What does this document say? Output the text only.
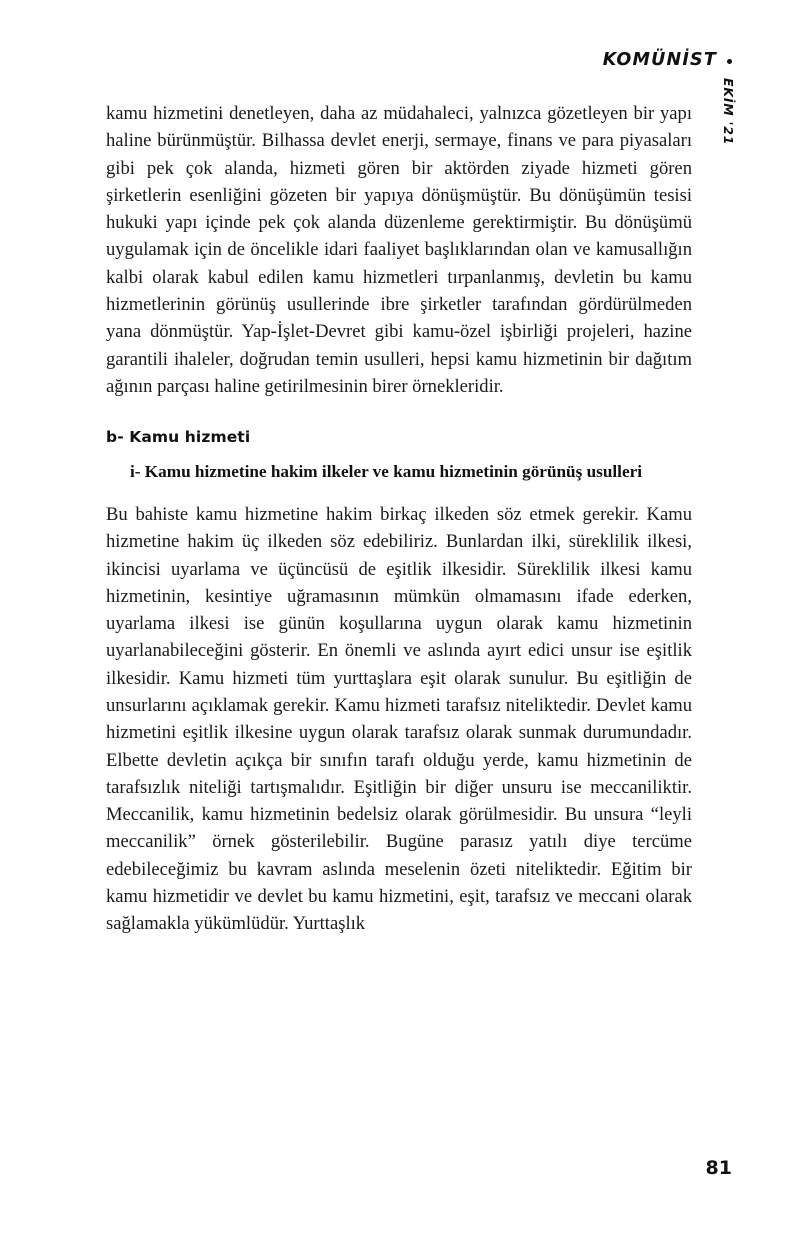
KOMÜNİST
EKİM '21

kamu hizmetini denetleyen, daha az müdahaleci, yalnızca gözetleyen bir yapı haline bürünmüştür. Bilhassa devlet enerji, sermaye, finans ve para piyasaları gibi pek çok alanda, hizmeti gören bir aktörden ziyade hizmeti gören şirketlerin esenliğini gözeten bir yapıya dönüşmüştür. Bu dönüşümün tesisi hukuki yapı içinde pek çok alanda düzenleme gerektirmiştir. Bu dönüşümü uygulamak için de öncelikle idari faaliyet başlıklarından olan ve kamusallığın kalbi olarak kabul edilen kamu hizmetleri tırpanlanmış, devletin bu kamu hizmetlerinin görünüş usullerinde ibre şirketler tarafından gördürülmeden yana dönmüştür. Yap-İşlet-Devret gibi kamu-özel işbirliği projeleri, hazine garantili ihaleler, doğrudan temin usulleri, hepsi kamu hizmetinin bir dağıtım ağının parçası haline getirilmesinin birer örnekleridir.

b- Kamu hizmeti
i- Kamu hizmetine hakim ilkeler ve kamu hizmetinin görünüş usulleri

Bu bahiste kamu hizmetine hakim birkaç ilkeden söz etmek gerekir. Kamu hizmetine hakim üç ilkeden söz edebiliriz. Bunlardan ilki, süreklilik ilkesi, ikincisi uyarlama ve üçüncüsü de eşitlik ilkesidir. Süreklilik ilkesi kamu hizmetinin, kesintiye uğramasının mümkün olmamasını ifade ederken, uyarlama ilkesi ise günün koşullarına uygun olarak kamu hizmetinin uyarlanabileceğini gösterir. En önemli ve aslında ayırt edici unsur ise eşitlik ilkesidir. Kamu hizmeti tüm yurttaşlara eşit olarak sunulur. Bu eşitliğin de unsurlarını açıklamak gerekir. Kamu hizmeti tarafsız niteliktedir. Devlet kamu hizmetini eşitlik ilkesine uygun olarak tarafsız olarak sunmak durumundadır. Elbette devletin açıkça bir sınıfın tarafı olduğu yerde, kamu hizmetinin de tarafsızlık niteliği tartışmalıdır. Eşitliğin bir diğer unsuru ise meccaniliktir. Meccanilik, kamu hizmetinin bedelsiz olarak görülmesidir. Bu unsura “leyli meccanilik” örnek gösterilebilir. Bugüne parasız yatılı diye tercüme edebileceğimiz bu kavram aslında meselenin özeti niteliktedir. Eğitim bir kamu hizmetidir ve devlet bu kamu hizmetini, eşit, tarafsız ve meccani olarak sağlamakla yükümlüdür. Yurttaşlık

81
